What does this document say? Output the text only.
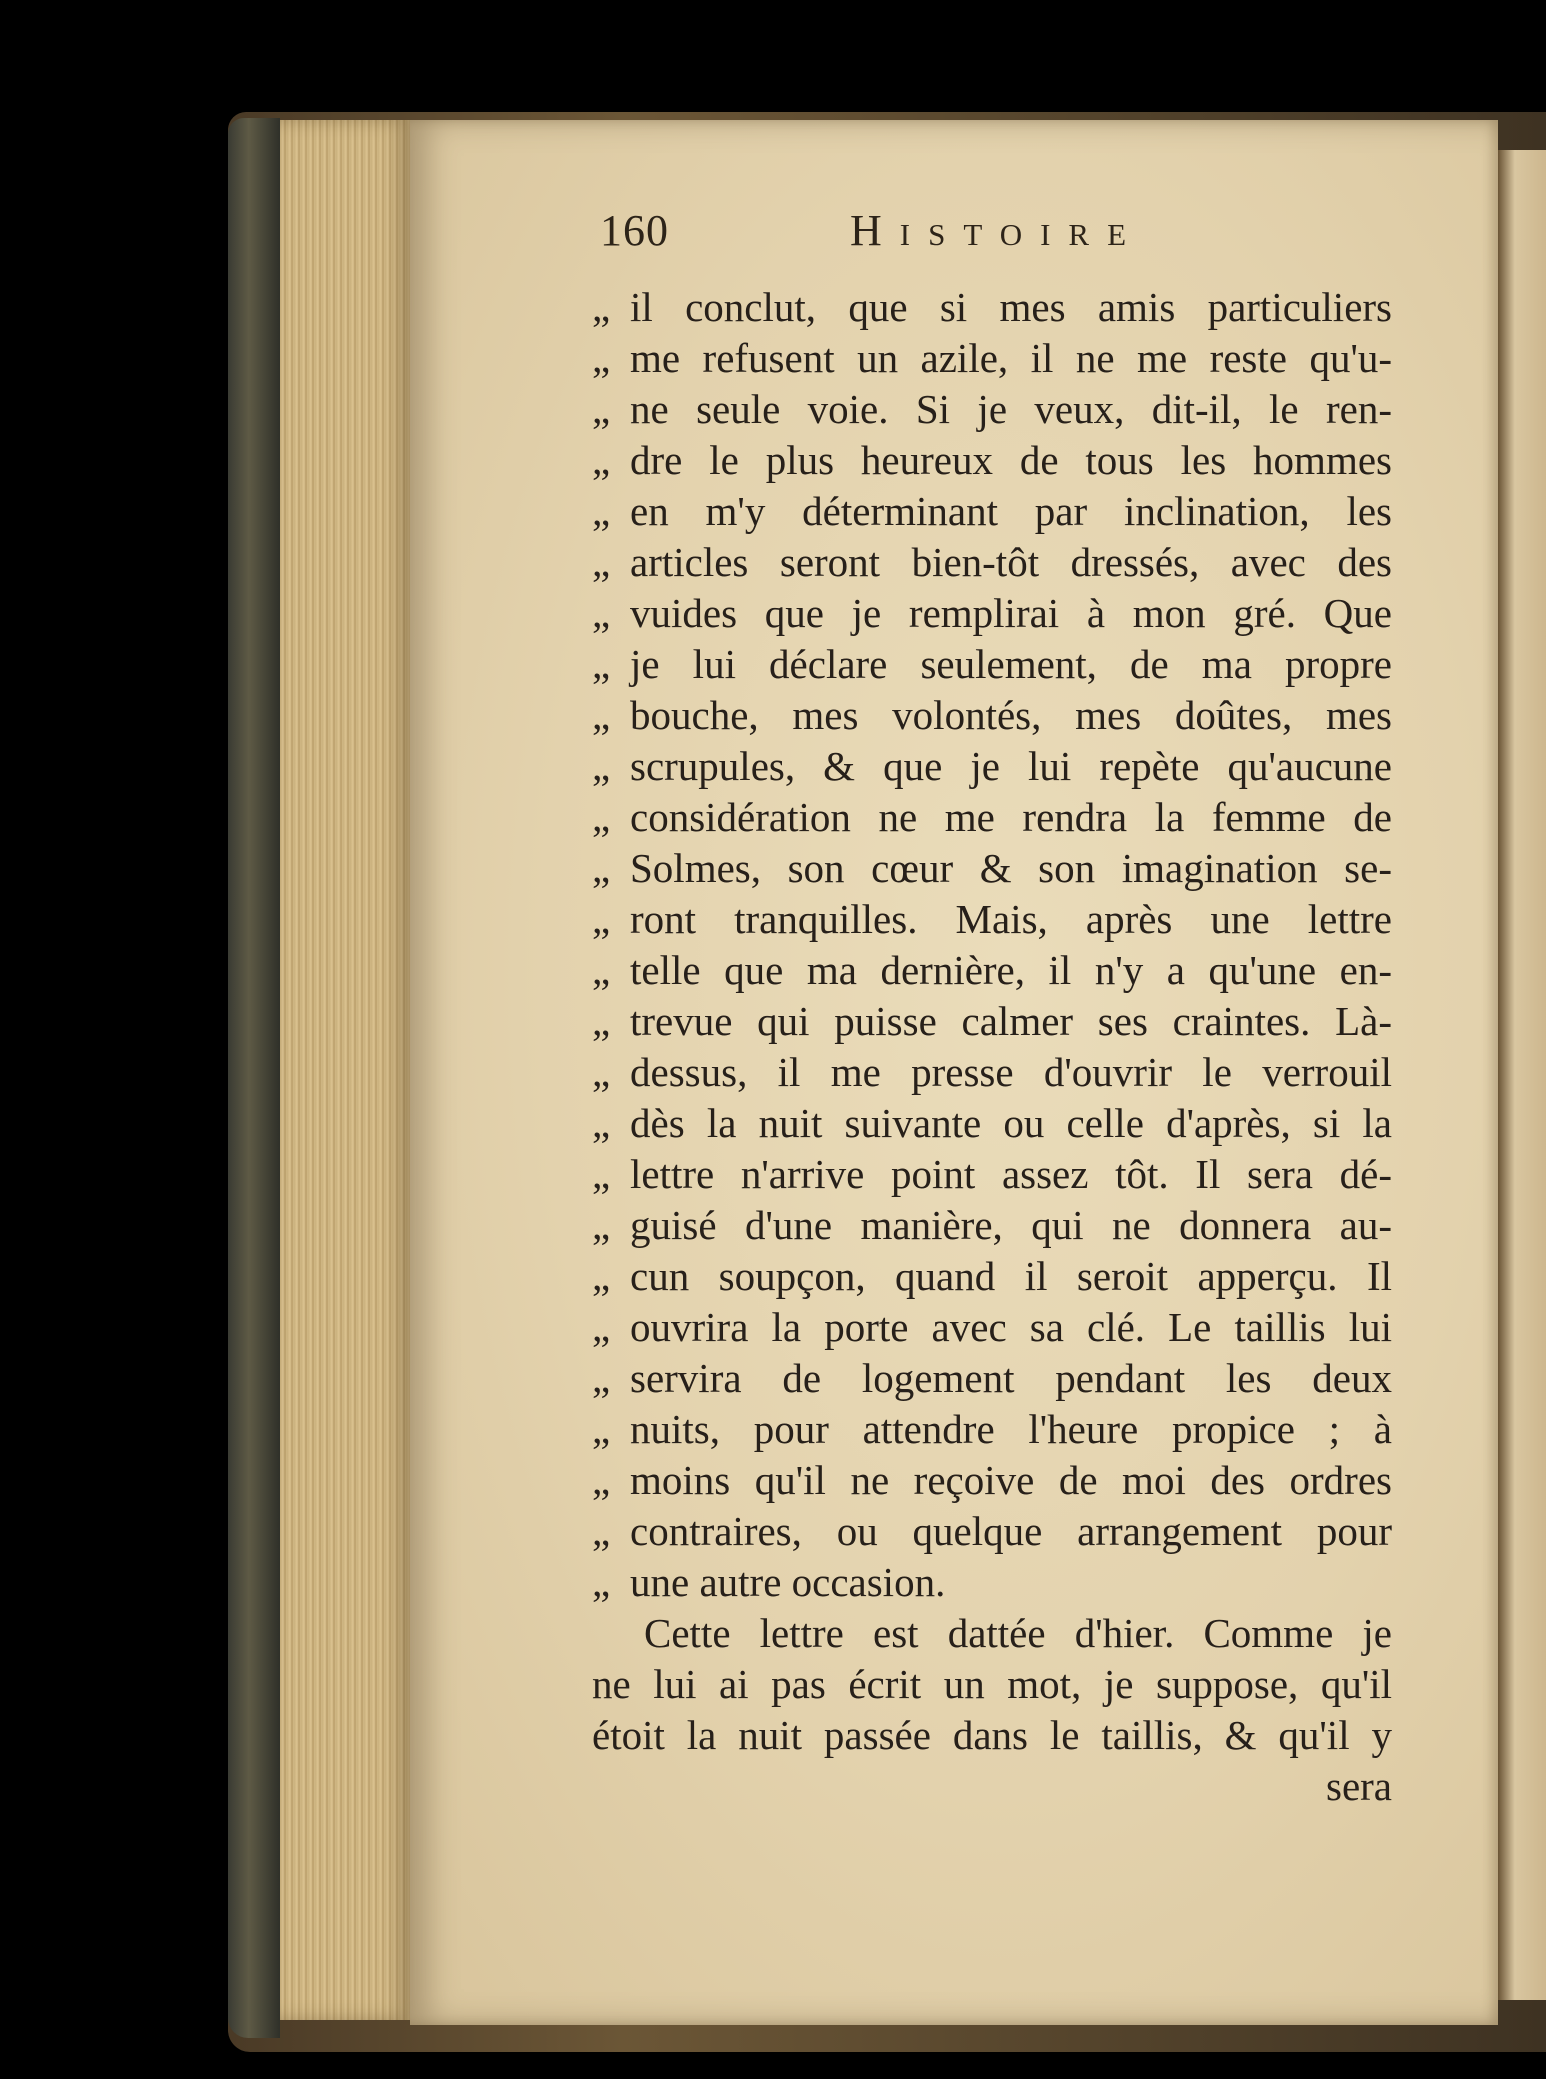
160	Histoire
„ il conclut, que si mes amis particuliers
„ me refusent un azile, il ne me reste qu'u-
„ ne seule voie. Si je veux, dit-il, le ren-
„ dre le plus heureux de tous les hommes
„ en m'y déterminant par inclination, les
„ articles seront bien-tôt dressés, avec des
„ vuides que je remplirai à mon gré. Que
„ je lui déclare seulement, de ma propre
„ bouche, mes volontés, mes doûtes, mes
„ scrupules, & que je lui repète qu'aucune
„ considération ne me rendra la femme de
„ Solmes, son cœur & son imagination se-
„ ront tranquilles. Mais, après une lettre
„ telle que ma dernière, il n'y a qu'une en-
„ trevue qui puisse calmer ses craintes. Là-
„ dessus, il me presse d'ouvrir le verrouil
„ dès la nuit suivante ou celle d'après, si la
„ lettre n'arrive point assez tôt. Il sera dé-
„ guisé d'une manière, qui ne donnera au-
„ cun soupçon, quand il seroit apperçu. Il
„ ouvrira la porte avec sa clé. Le taillis lui
„ servira de logement pendant les deux
„ nuits, pour attendre l'heure propice ; à
„ moins qu'il ne reçoive de moi des ordres
„ contraires, ou quelque arrangement pour
„ une autre occasion.
Cette lettre est dattée d'hier. Comme je
ne lui ai pas écrit un mot, je suppose, qu'il
étoit la nuit passée dans le taillis, & qu'il y
sera
